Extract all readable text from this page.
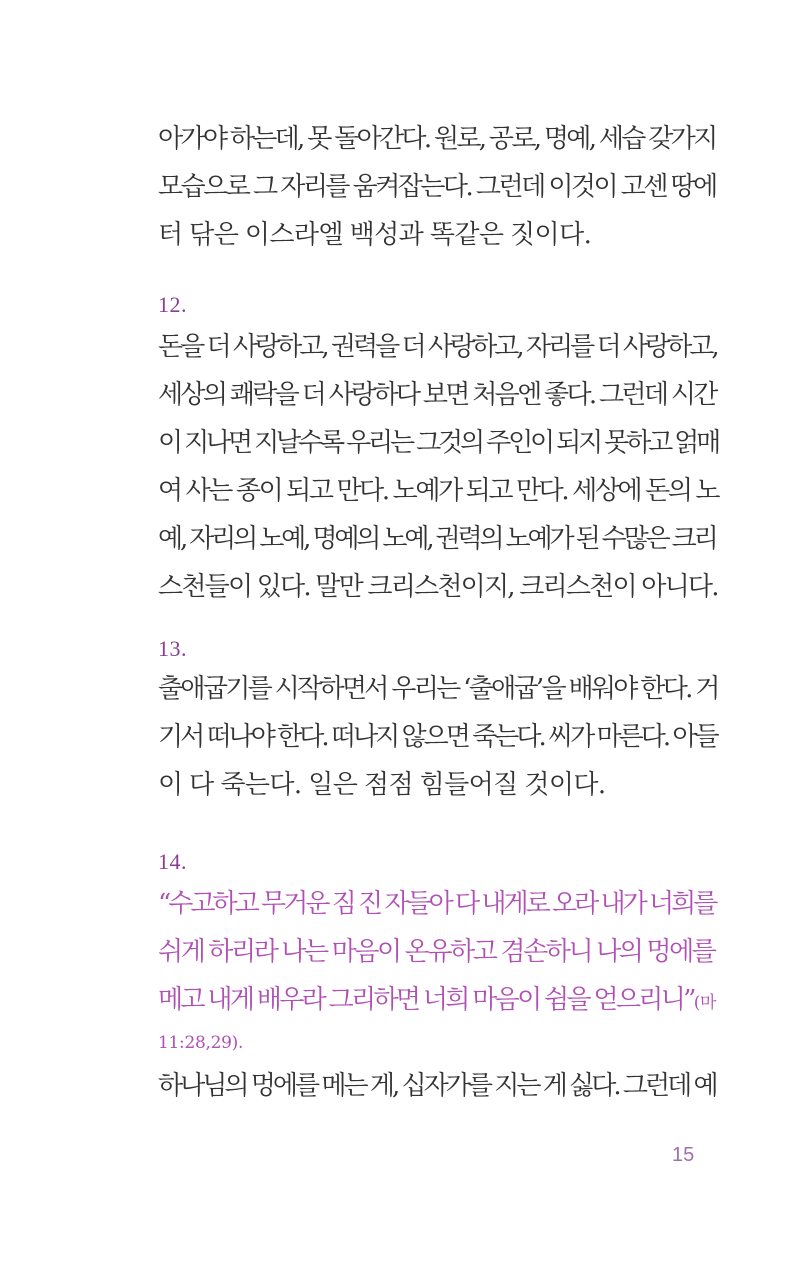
아가야 하는데, 못 돌아간다. 원로, 공로, 명예, 세습 갖가지
모습으로 그 자리를 움켜잡는다. 그런데 이것이 고센 땅에
터 닦은 이스라엘 백성과 똑같은 짓이다.
12.
돈을 더 사랑하고, 권력을 더 사랑하고, 자리를 더 사랑하고,
세상의 쾌락을 더 사랑하다 보면 처음엔 좋다. 그런데 시간
이 지나면 지날수록 우리는 그것의 주인이 되지 못하고 얽매
여 사는 종이 되고 만다. 노예가 되고 만다. 세상에 돈의 노
예, 자리의 노예, 명예의 노예, 권력의 노예가 된 수많은 크리
스천들이 있다. 말만 크리스천이지, 크리스천이 아니다.
13.
출애굽기를 시작하면서 우리는 ‘출애굽’을 배워야 한다. 거
기서 떠나야 한다. 떠나지 않으면 죽는다. 씨가 마른다. 아들
이 다 죽는다. 일은 점점 힘들어질 것이다.
14.
“수고하고 무거운 짐 진 자들아 다 내게로 오라 내가 너희를
쉬게 하리라 나는 마음이 온유하고 겸손하니 나의 멍에를
메고 내게 배우라 그리하면 너희 마음이 쉼을 얻으리니”(마
11:28,29).
하나님의 멍에를 메는 게, 십자가를 지는 게 싫다. 그런데 예
15
